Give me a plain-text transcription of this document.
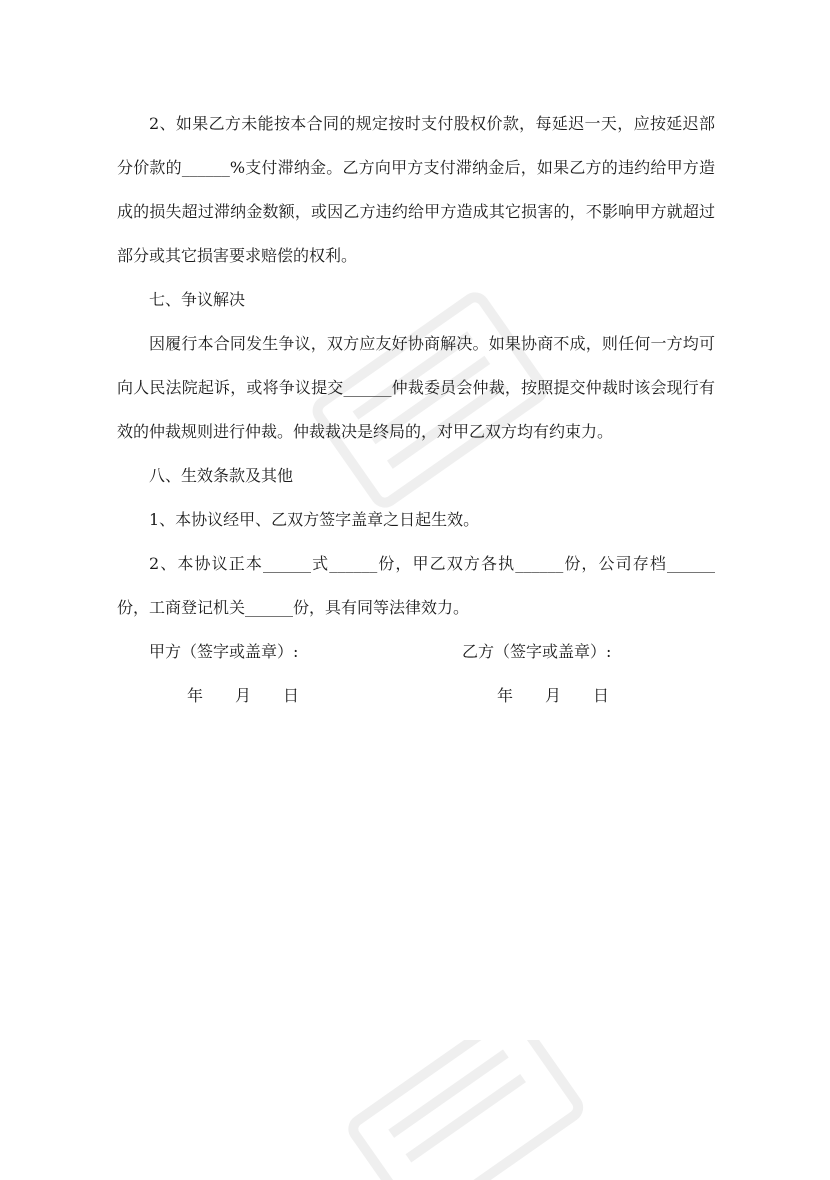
2、如果乙方未能按本合同的规定按时支付股权价款，每延迟一天，应按延迟部分价款的______%支付滞纳金。乙方向甲方支付滞纳金后，如果乙方的违约给甲方造成的损失超过滞纳金数额，或因乙方违约给甲方造成其它损害的，不影响甲方就超过部分或其它损害要求赔偿的权利。

七、争议解决

因履行本合同发生争议，双方应友好协商解决。如果协商不成，则任何一方均可向人民法院起诉，或将争议提交______仲裁委员会仲裁，按照提交仲裁时该会现行有效的仲裁规则进行仲裁。仲裁裁决是终局的，对甲乙双方均有约束力。

八、生效条款及其他

1、本协议经甲、乙双方签字盖章之日起生效。

2、本协议正本______式______份，甲乙双方各执______份，公司存档______份，工商登记机关______份，具有同等法律效力。

甲方（签字或盖章）:	乙方（签字或盖章）:
年 月 日	年 月 日
